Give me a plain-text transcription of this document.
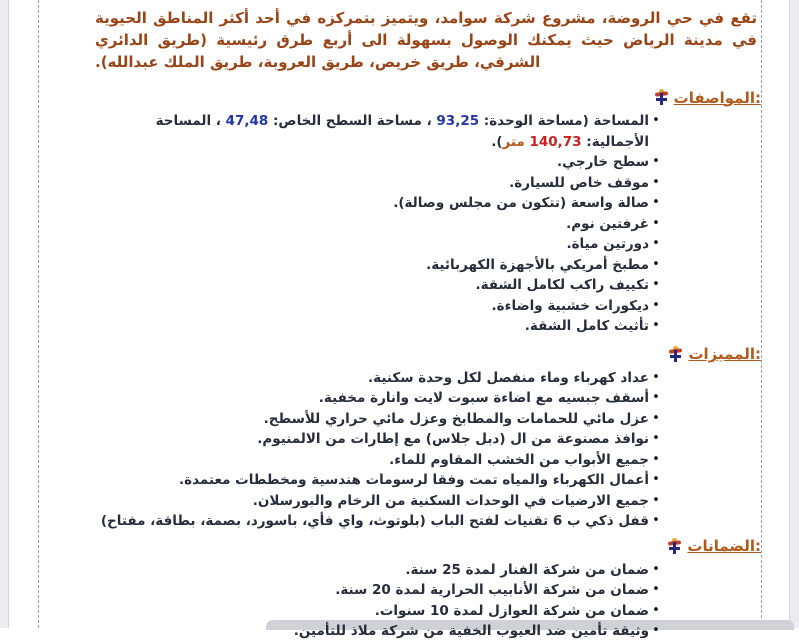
تقع في حي الروضة، مشروع شركة سوامد، ويتميز بتمركزه في أحد أكثر المناطق الحيوية في مدينة الرياض حيث يمكنك الوصول بسهولة الى أربع طرق رئيسية (طريق الدائري الشرقي، طريق خريص، طريق العروبة، طريق الملك عبدالله).

المواصفات:
•
المساحة (مساحة الوحدة: 93,25 ، مساحة السطح الخاص: 47,48 ، المساحة الأجمالية: 140,73 متر).
•
سطح خارجي.
•
موقف خاص للسيارة.
•
صالة واسعة (تتكون من مجلس وصالة).
•
غرفتين نوم.
•
دورتين مياة.
•
مطبخ أمريكي بالأجهزة الكهربائية.
•
تكييف راكب لكامل الشقة.
•
ديكورات خشبية واضاءة.
•
تأثيث كامل الشقة.
المميزات:
•
عداد كهرباء وماء منفصل لكل وحدة سكنية.
•
أسقف جبسيه مع اضاءة سبوت لايت وانارة مخفية.
•
عزل مائي للحمامات والمطابخ وعزل مائي حراري للأسطح.
•
نوافذ مصنوعة من ال (دبل جلاس) مع إطارات من الالمنيوم.
•
جميع الأبواب من الخشب المقاوم للماء.
•
أعمال الكهرباء والمياه تمت وفقا لرسومات هندسية ومخططات معتمدة.
•
جميع الارضيات في الوحدات السكنية من الرخام والبورسلان.
•
قفل ذكي ب 6 تقنيات لفتح الباب (بلوتوث، واي فأي، باسورد، بصمة، بطاقة، مفتاح)
الضمانات:
•
ضمان من شركة الفنار لمدة 25 سنة.
•
ضمان من شركة الأنابيب الحرارية لمدة 20 سنة.
•
ضمان من شركة العوازل لمدة 10 سنوات.
•
وثيقة تأمين ضد العيوب الخفية من شركة ملاذ للتأمين.
